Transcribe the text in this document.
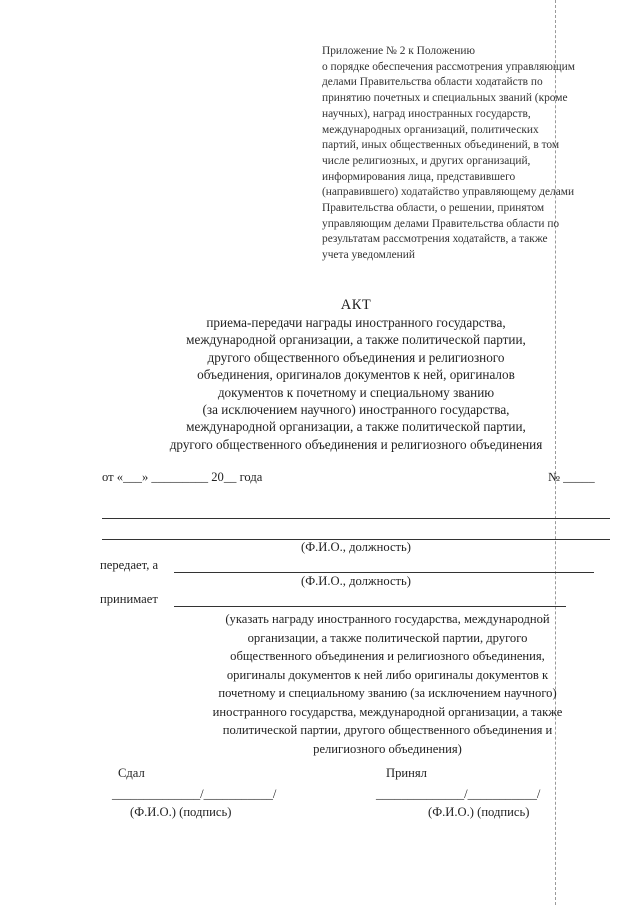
Приложение № 2 к Положению
о порядке обеспечения рассмотрения управляющим
делами Правительства области ходатайств по
принятию почетных и специальных званий (кроме
научных), наград иностранных государств,
международных организаций, политических
партий, иных общественных объединений, в том
числе религиозных, и других организаций,
информирования лица, представившего
(направившего) ходатайство управляющему делами
Правительства области, о решении, принятом
управляющим делами Правительства области по
результатам рассмотрения ходатайств, а также
учета уведомлений
АКТ
приема-передачи награды иностранного государства,
международной организации, а также политической партии,
другого общественного объединения и религиозного
объединения, оригиналов документов к ней, оригиналов
документов к почетному и специальному званию
(за исключением научного) иностранного государства,
международной организации, а также политической партии,
другого общественного объединения и религиозного объединения
от «___» _________ 20__ года	№ _____
(Ф.И.О., должность)
передает, а
(Ф.И.О., должность)
принимает
(указать награду иностранного государства, международной
организации, а также политической партии, другого
общественного объединения и религиозного объединения,
оригиналы документов к ней либо оригиналы документов к
почетному и специальному званию (за исключением научного)
иностранного государства, международной организации, а также
политической партии, другого общественного объединения и
религиозного объединения)
Сдал
______________/___________/
(Ф.И.О.) (подпись)
Принял
______________/___________/
(Ф.И.О.) (подпись)
